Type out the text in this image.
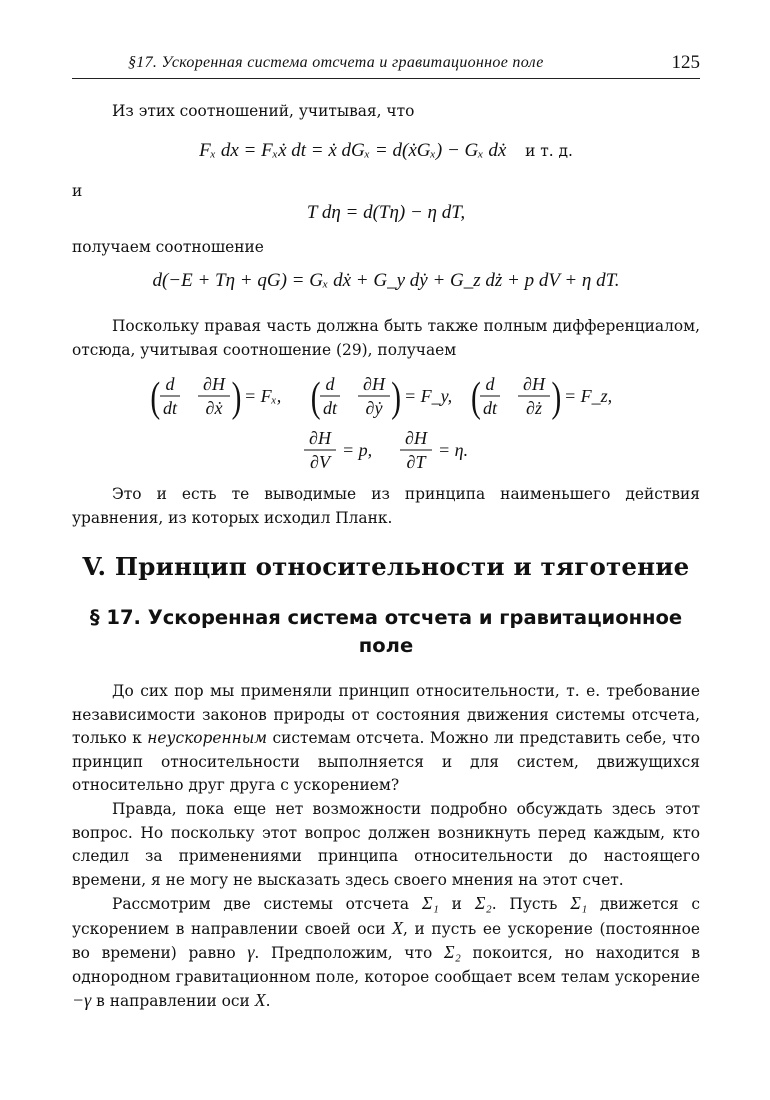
§17. Ускоренная система отсчета и гравитационное поле	125
Из этих соотношений, учитывая, что
Fₓ dx = Fₓẋ dt = ẋ dGₓ = d(ẋGₓ) − Gₓ dẋ и т. д.
и
T dη = d(Tη) − η dT,
получаем соотношение
d(−E + Tη + qG) = Gₓ dẋ + G_y dẏ + G_z dż + p dV + η dT.
Поскольку правая часть должна быть также полным дифференциалом, отсюда, учитывая соотношение (29), получаем
d
dt
( ∂H
∂ẋ ) = Fₓ,
d
dt
( ∂H
∂ẏ ) = F_y,
d
dt
( ∂H
∂ż ) = F_z,
∂H
∂V
= p,
∂H
∂T
= η.
Это и есть те выводимые из принципа наименьшего действия уравнения, из которых исходил Планк.
V. Принцип относительности и тяготение
§ 17. Ускоренная система отсчета и гравитационное поле
До сих пор мы применяли принцип относительности, т. е. требование независимости законов природы от состояния движения системы отсчета, только к неускоренным системам отсчета. Можно ли представить себе, что принцип относительности выполняется и для систем, движущихся относительно друг друга с ускорением?
Правда, пока еще нет возможности подробно обсуждать здесь этот вопрос. Но поскольку этот вопрос должен возникнуть перед каждым, кто следил за применениями принципа относительности до настоящего времени, я не могу не высказать здесь своего мнения на этот счет.
Рассмотрим две системы отсчета Σ₁ и Σ₂. Пусть Σ₁ движется с ускорением в направлении своей оси X, и пусть ее ускорение (постоянное во времени) равно γ. Предположим, что Σ₂ покоится, но находится в однородном гравитационном поле, которое сообщает всем телам ускорение −γ в направлении оси X.
